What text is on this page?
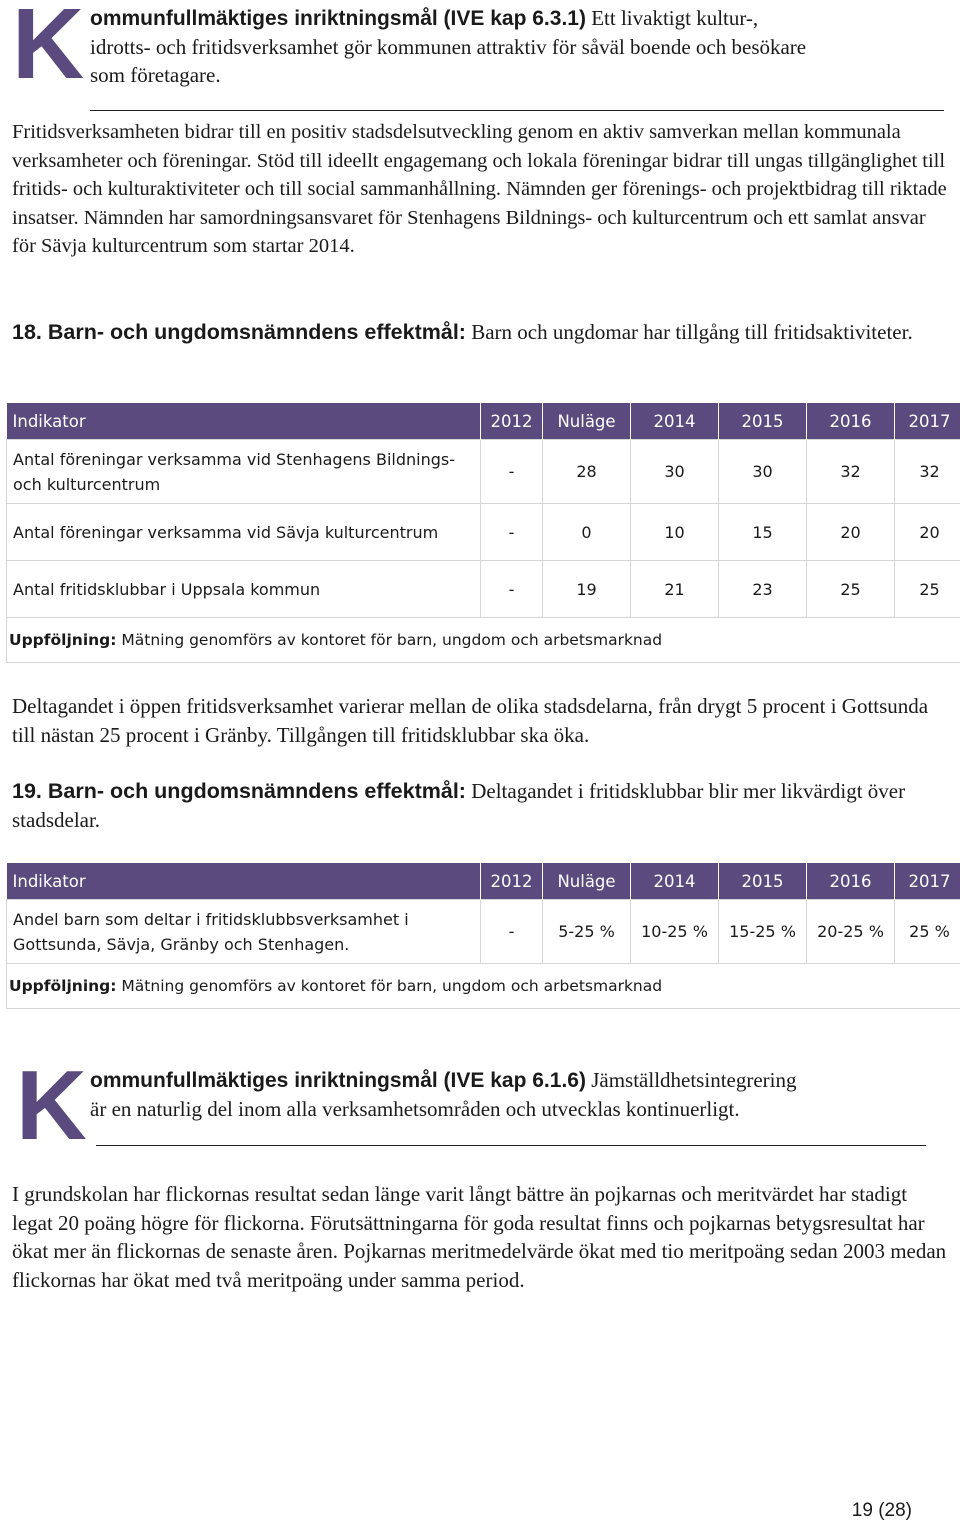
K ommunfullmäktiges inriktningsmål (IVE kap 6.3.1) Ett livaktigt kultur-,
idrotts- och fritidsverksamhet gör kommunen attraktiv för såväl boende och besökare
som företagare.

Fritidsverksamheten bidrar till en positiv stadsdelsutveckling genom en aktiv samverkan mellan kommunala verksamheter och föreningar. Stöd till ideellt engagemang och lokala föreningar bidrar till ungas tillgänglighet till fritids- och kulturaktiviteter och till social sammanhållning. Nämnden ger förenings- och projektbidrag till riktade insatser. Nämnden har samordningsansvaret för Stenhagens Bildnings- och kulturcentrum och ett samlat ansvar för Sävja kulturcentrum som startar 2014.

18. Barn- och ungdomsnämndens effektmål: Barn och ungdomar har tillgång till fritidsaktiviteter.

Indikator	2012	Nuläge	2014	2015	2016	2017

Antal föreningar verksamma vid Stenhagens Bildnings-
och kulturcentrum	-	28	30	30	32	32
Antal föreningar verksamma vid Sävja kulturcentrum	-	0	10	15	20	20
Antal fritidsklubbar i Uppsala kommun	-	19	21	23	25	25
Uppföljning: Mätning genomförs av kontoret för barn, ungdom och arbetsmarknad						

Deltagandet i öppen fritidsverksamhet varierar mellan de olika stadsdelarna, från drygt 5 procent i Gottsunda till nästan 25 procent i Gränby. Tillgången till fritidsklubbar ska öka.

19. Barn- och ungdomsnämndens effektmål: Deltagandet i fritidsklubbar blir mer likvärdigt över stadsdelar.

Indikator	2012	Nuläge	2014	2015	2016	2017

Andel barn som deltar i fritidsklubbsverksamhet i
Gottsunda, Sävja, Gränby och Stenhagen.	-	5-25 %	10-25 %	15-25 %	20-25 %	25 %
Uppföljning: Mätning genomförs av kontoret för barn, ungdom och arbetsmarknad						
K ommunfullmäktiges inriktningsmål (IVE kap 6.1.6) Jämställdhetsintegrering
är en naturlig del inom alla verksamhetsområden och utvecklas kontinuerligt.

I grundskolan har flickornas resultat sedan länge varit långt bättre än pojkarnas och meritvärdet har stadigt legat 20 poäng högre för flickorna. Förutsättningarna för goda resultat finns och pojkarnas betygsresultat har ökat mer än flickornas de senaste åren. Pojkarnas meritmedelvärde ökat med tio meritpoäng sedan 2003 medan flickornas har ökat med två meritpoäng under samma period.

19 (28)
